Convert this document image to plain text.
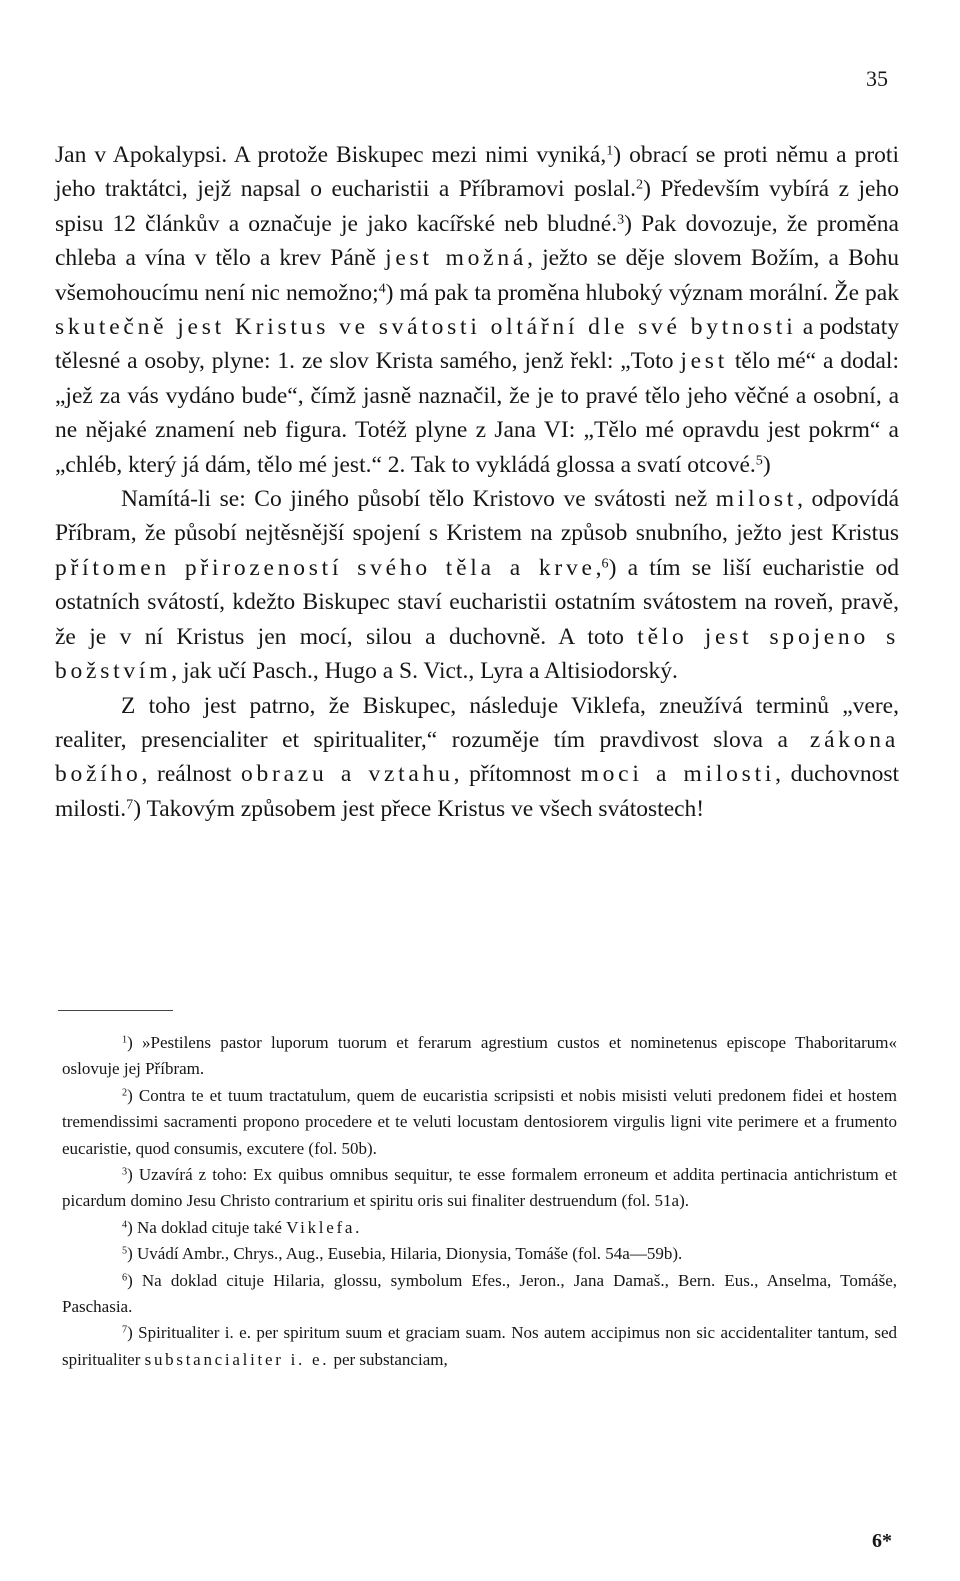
35

Jan v Apokalypsi. A protože Biskupec mezi nimi vyniká,$^1$) obrací se proti němu a proti jeho traktátci, jejž napsal o eucharistii a Příbramovi poslal.$^2$) Především vybírá z jeho spisu 12 článkův a označuje je jako kacířské neb bludné.$^3$) Pak dovozuje, že proměna chleba a vína v tělo a krev Páně jest možná, ježto se děje slovem Božím, a Bohu všemohoucímu není nic nemožno;$^4$) má pak ta proměna hluboký význam morální. Že pak skutečně jest Kristus ve svátosti oltářní dle své bytnosti a podstaty tělesné a osoby, plyne: 1. ze slov Krista samého, jenž řekl: „Toto jest tělo mé“ a dodal: „jež za vás vydáno bude“, čímž jasně naznačil, že je to pravé tělo jeho věčné a osobní, a ne nějaké znamení neb figura. Totéž plyne z Jana VI: „Tělo mé opravdu jest pokrm“ a „chléb, který já dám, tělo mé jest.“ 2. Tak to vykládá glossa a svatí otcové.$^5$)

Namítá-li se: Co jiného působí tělo Kristovo ve svátosti než milost, odpovídá Příbram, že působí nejtěsnější spojení s Kristem na způsob snubního, ježto jest Kristus přítomen přirozeností svého těla a krve,$^6$) a tím se liší eucharistie od ostatních svátostí, kdežto Biskupec staví eucharistii ostatním svátostem na roveň, pravě, že je v ní Kristus jen mocí, silou a duchovně. A toto tělo jest spojeno s božstvím, jak učí Pasch., Hugo a S. Vict., Lyra a Altisiodorský.

Z toho jest patrno, že Biskupec, následuje Viklefa, zneužívá terminů „vere, realiter, presencialiter et spiritualiter,“ rozuměje tím pravdivost slova a zákona božího, reálnost obrazu a vztahu, přítomnost moci a milosti, duchovnost milosti.$^7$) Takovým způsobem jest přece Kristus ve všech svátostech!

$^1$) »Pestilens pastor luporum tuorum et ferarum agrestium custos et nominetenus episcope Thaboritarum« oslovuje jej Příbram.

$^2$) Contra te et tuum tractatulum, quem de eucaristia scripsisti et nobis misisti veluti predonem fidei et hostem tremendissimi sacramenti propono procedere et te veluti locustam dentosiorem virgulis ligni vite perimere et a frumento eucaristie, quod consumis, excutere (fol. 50b).

$^3$) Uzavírá z toho: Ex quibus omnibus sequitur, te esse formalem erroneum et addita pertinacia antichristum et picardum domino Jesu Christo contrarium et spiritu oris sui finaliter destruendum (fol. 51a).

$^4$) Na doklad cituje také Viklefa.

$^5$) Uvádí Ambr., Chrys., Aug., Eusebia, Hilaria, Dionysia, Tomáše (fol. 54a—59b).

$^6$) Na doklad cituje Hilaria, glossu, symbolum Efes., Jeron., Jana Damaš., Bern. Eus., Anselma, Tomáše, Paschasia.

$^7$) Spiritualiter i. e. per spiritum suum et graciam suam. Nos autem accipimus non sic accidentaliter tantum, sed spiritualiter substancialiter i. e. per substanciam,

6*
